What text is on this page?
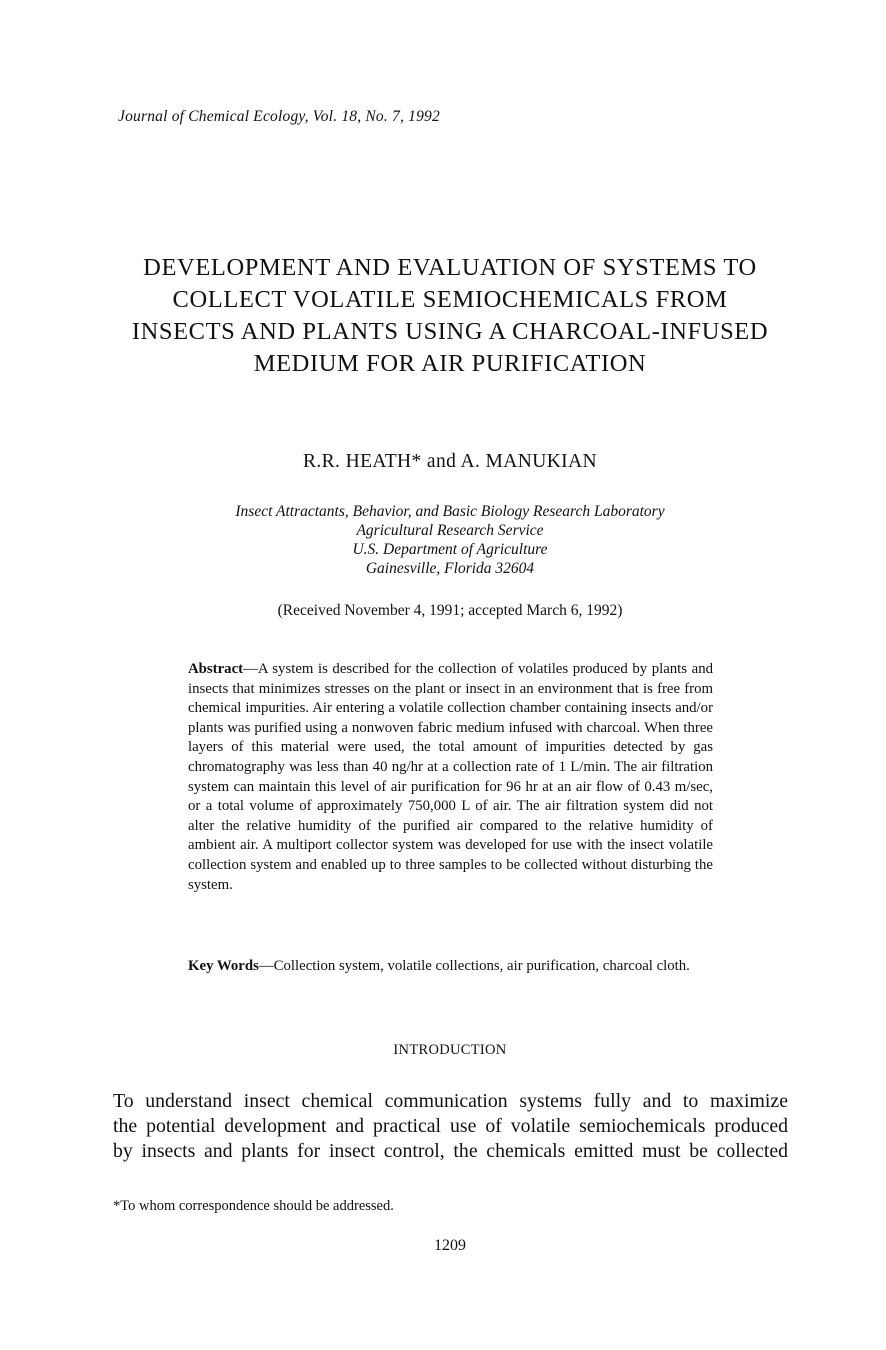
Journal of Chemical Ecology, Vol. 18, No. 7, 1992
DEVELOPMENT AND EVALUATION OF SYSTEMS TO
COLLECT VOLATILE SEMIOCHEMICALS FROM
INSECTS AND PLANTS USING A CHARCOAL-INFUSED
MEDIUM FOR AIR PURIFICATION
R.R. HEATH* and A. MANUKIAN
Insect Attractants, Behavior, and Basic Biology Research Laboratory
Agricultural Research Service
U.S. Department of Agriculture
Gainesville, Florida 32604
(Received November 4, 1991; accepted March 6, 1992)
Abstract—A system is described for the collection of volatiles produced by plants and insects that minimizes stresses on the plant or insect in an environment that is free from chemical impurities. Air entering a volatile collection chamber containing insects and/or plants was purified using a nonwoven fabric medium infused with charcoal. When three layers of this material were used, the total amount of impurities detected by gas chromatography was less than 40 ng/hr at a collection rate of 1 L/min. The air filtration system can maintain this level of air purification for 96 hr at an air flow of 0.43 m/sec, or a total volume of approximately 750,000 L of air. The air filtration system did not alter the relative humidity of the purified air compared to the relative humidity of ambient air. A multiport collector system was developed for use with the insect volatile collection system and enabled up to three samples to be collected without disturbing the system.
Key Words—Collection system, volatile collections, air purification, charcoal cloth.
INTRODUCTION
To understand insect chemical communication systems fully and to maximize
the potential development and practical use of volatile semiochemicals produced
by insects and plants for insect control, the chemicals emitted must be collected
*To whom correspondence should be addressed.
1209
